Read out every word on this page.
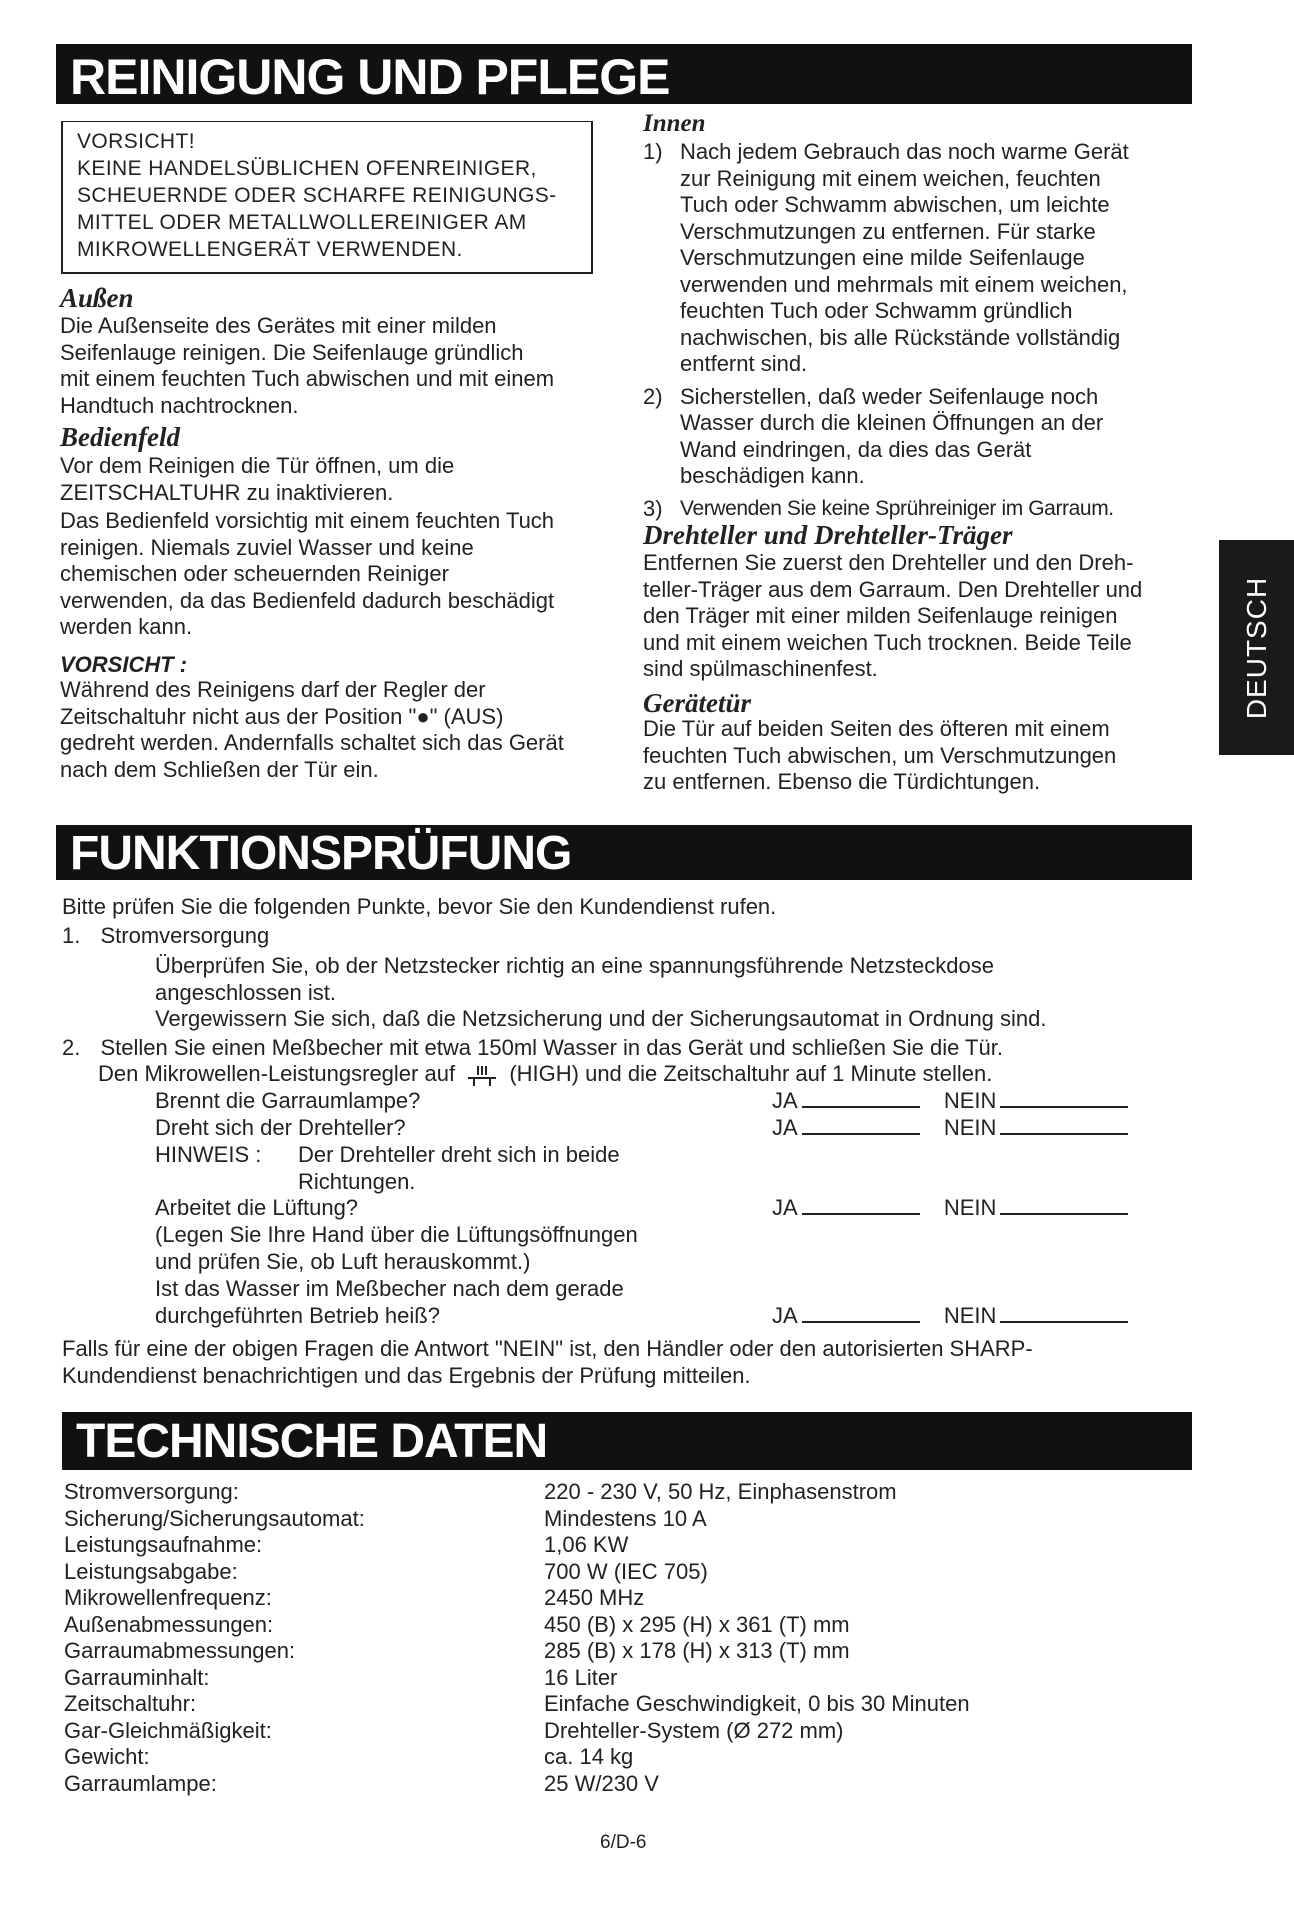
REINIGUNG UND PFLEGE
VORSICHT!
KEINE HANDELSÜBLICHEN OFENREINIGER,
SCHEUERNDE ODER SCHARFE REINIGUNGS-
MITTEL ODER METALLWOLLEREINIGER AM
MIKROWELLENGERÄT VERWENDEN.
Außen
Die Außenseite des Gerätes mit einer milden
Seifenlauge reinigen. Die Seifenlauge gründlich
mit einem feuchten Tuch abwischen und mit einem
Handtuch nachtrocknen.
Bedienfeld
Vor dem Reinigen die Tür öffnen, um die
ZEITSCHALTUHR zu inaktivieren.
Das Bedienfeld vorsichtig mit einem feuchten Tuch
reinigen. Niemals zuviel Wasser und keine
chemischen oder scheuernden Reiniger
verwenden, da das Bedienfeld dadurch beschädigt
werden kann.
VORSICHT :
Während des Reinigens darf der Regler der
Zeitschaltuhr nicht aus der Position "●" (AUS)
gedreht werden. Andernfalls schaltet sich das Gerät
nach dem Schließen der Tür ein.
Innen
1) Nach jedem Gebrauch das noch warme Gerät
zur Reinigung mit einem weichen, feuchten
Tuch oder Schwamm abwischen, um leichte
Verschmutzungen zu entfernen. Für starke
Verschmutzungen eine milde Seifenlauge
verwenden und mehrmals mit einem weichen,
feuchten Tuch oder Schwamm gründlich
nachwischen, bis alle Rückstände vollständig
entfernt sind.
2) Sicherstellen, daß weder Seifenlauge noch
Wasser durch die kleinen Öffnungen an der
Wand eindringen, da dies das Gerät
beschädigen kann.
3) Verwenden Sie keine Sprühreiniger im Garraum.
Drehteller und Drehteller-Träger
Entfernen Sie zuerst den Drehteller und den Dreh-
teller-Träger aus dem Garraum. Den Drehteller und
den Träger mit einer milden Seifenlauge reinigen
und mit einem weichen Tuch trocknen. Beide Teile
sind spülmaschinenfest.
Gerätetür
Die Tür auf beiden Seiten des öfteren mit einem
feuchten Tuch abwischen, um Verschmutzungen
zu entfernen. Ebenso die Türdichtungen.
DEUTSCH
FUNKTIONSPRÜFUNG
Bitte prüfen Sie die folgenden Punkte, bevor Sie den Kundendienst rufen.
1. Stromversorgung
Überprüfen Sie, ob der Netzstecker richtig an eine spannungsführende Netzsteckdose
angeschlossen ist.
Vergewissern Sie sich, daß die Netzsicherung und der Sicherungsautomat in Ordnung sind.
2. Stellen Sie einen Meßbecher mit etwa 150ml Wasser in das Gerät und schließen Sie die Tür.
Den Mikrowellen-Leistungsregler auf (HIGH) und die Zeitschaltuhr auf 1 Minute stellen.
Brennt die Garraumlampe?	JA	NEIN
Dreht sich der Drehteller?	JA	NEIN
HINWEIS : Der Drehteller dreht sich in beide
Richtungen.
Arbeitet die Lüftung?	JA	NEIN
(Legen Sie Ihre Hand über die Lüftungsöffnungen
und prüfen Sie, ob Luft herauskommt.)
Ist das Wasser im Meßbecher nach dem gerade
durchgeführten Betrieb heiß?	JA	NEIN
Falls für eine der obigen Fragen die Antwort "NEIN" ist, den Händler oder den autorisierten SHARP-
Kundendienst benachrichtigen und das Ergebnis der Prüfung mitteilen.
TECHNISCHE DATEN
Stromversorgung:	220 - 230 V, 50 Hz, Einphasenstrom
Sicherung/Sicherungsautomat:	Mindestens 10 A
Leistungsaufnahme:	1,06 KW
Leistungsabgabe:	700 W (IEC 705)
Mikrowellenfrequenz:	2450 MHz
Außenabmessungen:	450 (B) x 295 (H) x 361 (T) mm
Garraumabmessungen:	285 (B) x 178 (H) x 313 (T) mm
Garrauminhalt:	16 Liter
Zeitschaltuhr:	Einfache Geschwindigkeit, 0 bis 30 Minuten
Gar-Gleichmäßigkeit:	Drehteller-System (Ø 272 mm)
Gewicht:	ca. 14 kg
Garraumlampe:	25 W/230 V
6/D-6
